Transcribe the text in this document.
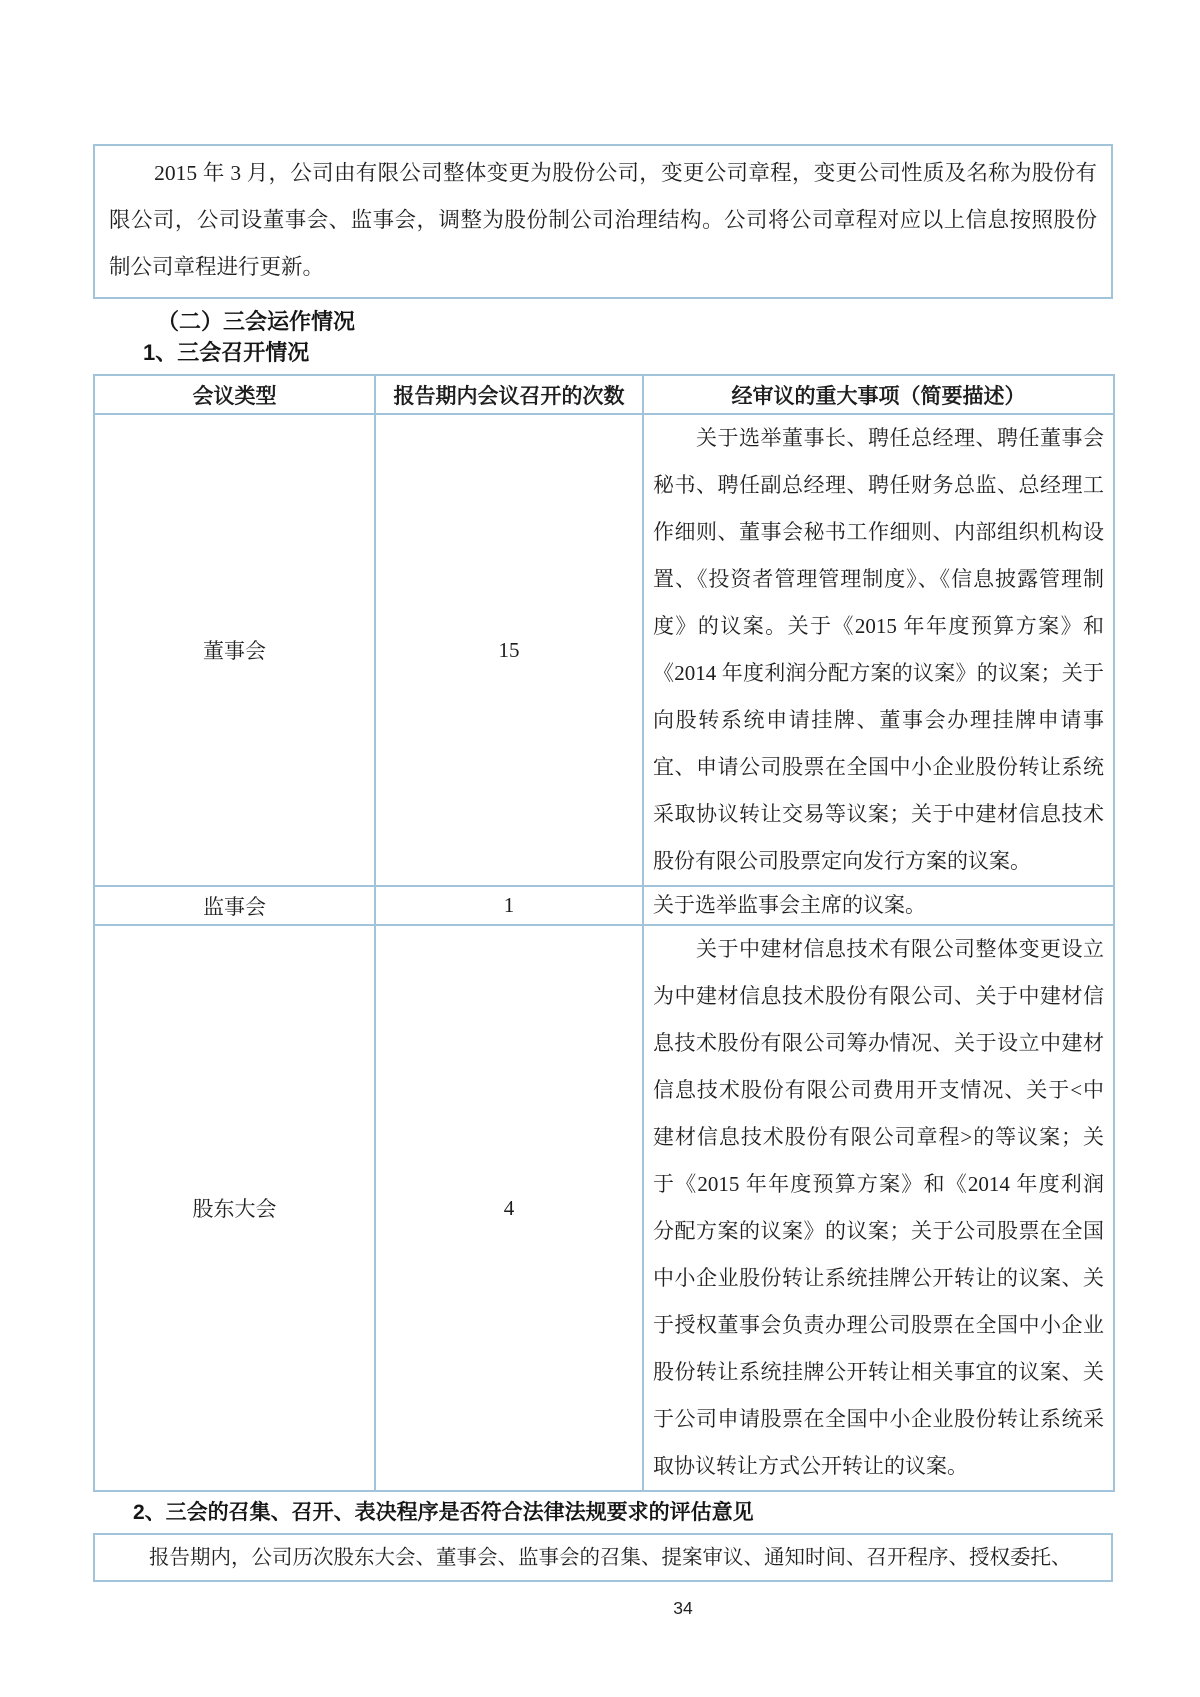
2015 年 3 月，公司由有限公司整体变更为股份公司，变更公司章程，变更公司性质及名称为股份有限公司，公司设董事会、监事会，调整为股份制公司治理结构。公司将公司章程对应以上信息按照股份制公司章程进行更新。

（二）三会运作情况
1、三会召开情况
会议类型	报告期内会议召开的次数	经审议的重大事项（简要描述）
董事会	15	关于选举董事长、聘任总经理、聘任董事会秘书、聘任副总经理、聘任财务总监、总经理工作细则、董事会秘书工作细则、内部组织机构设置、《投资者管理管理制度》、《信息披露管理制度》的议案。关于《2015 年年度预算方案》和《2014 年度利润分配方案的议案》的议案；关于向股转系统申请挂牌、董事会办理挂牌申请事宜、申请公司股票在全国中小企业股份转让系统采取协议转让交易等议案；关于中建材信息技术股份有限公司股票定向发行方案的议案。

监事会	1	关于选举监事会主席的议案。

股东大会	4	关于中建材信息技术有限公司整体变更设立为中建材信息技术股份有限公司、关于中建材信息技术股份有限公司筹办情况、关于设立中建材信息技术股份有限公司费用开支情况、关于<中建材信息技术股份有限公司章程>的等议案；关于《2015 年年度预算方案》和《2014 年度利润分配方案的议案》的议案；关于公司股票在全国中小企业股份转让系统挂牌公开转让的议案、关于授权董事会负责办理公司股票在全国中小企业股份转让系统挂牌公开转让相关事宜的议案、关于公司申请股票在全国中小企业股份转让系统采取协议转让方式公开转让的议案。

2、三会的召集、召开、表决程序是否符合法律法规要求的评估意见

报告期内，公司历次股东大会、董事会、监事会的召集、提案审议、通知时间、召开程序、授权委托、

34
